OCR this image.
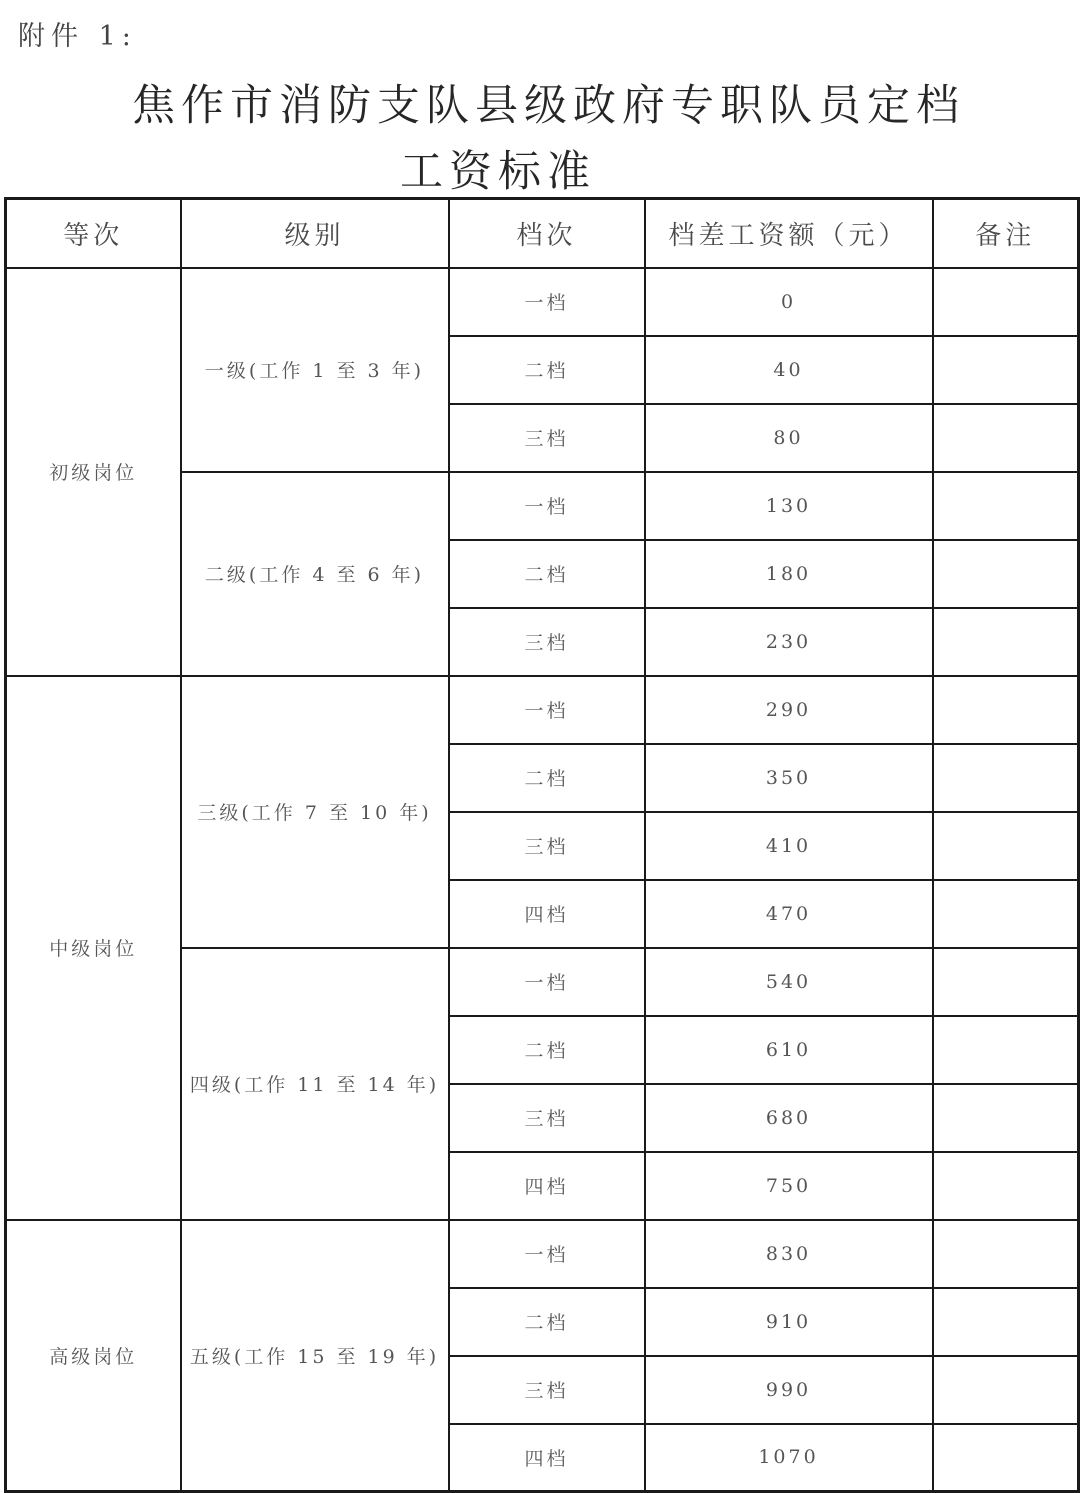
附件 1:
焦作市消防支队县级政府专职队员定档
工资标准
等次	级别	档次	档差工资额（元）	备注
初级岗位	一级(工作 1 至 3 年)	一档	0	
		二档	40	
		三档	80	
	二级(工作 4 至 6 年)	一档	130	
		二档	180	
		三档	230	
中级岗位	三级(工作 7 至 10 年)	一档	290	
		二档	350	
		三档	410	
		四档	470	
	四级(工作 11 至 14 年)	一档	540	
		二档	610	
		三档	680	
		四档	750	
高级岗位	五级(工作 15 至 19 年)	一档	830	
		二档	910	
		三档	990	
		四档	1070	
